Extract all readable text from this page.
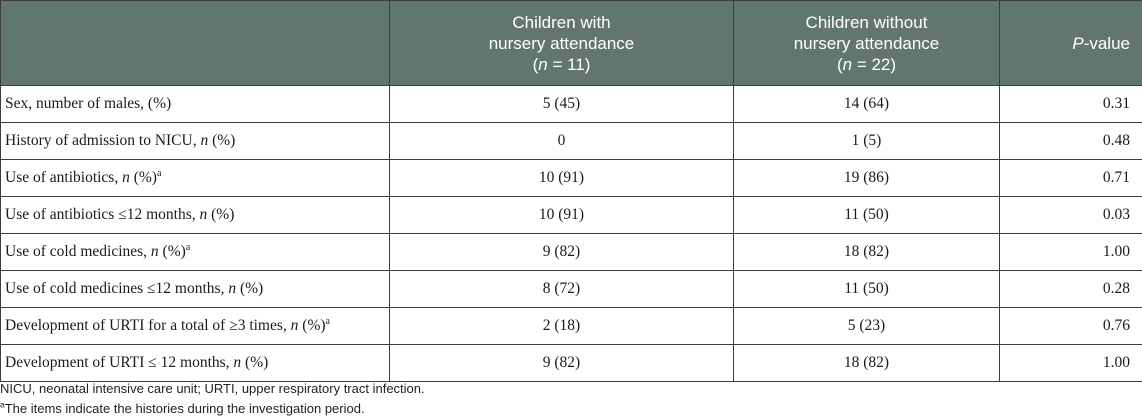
	Children with
nursery attendance
(n = 11)	Children without
nursery attendance
(n = 22)	P-value
Sex, number of males, (%)	5 (45)	14 (64)	0.31
History of admission to NICU, n (%)	0	1 (5)	0.48
Use of antibiotics, n (%)$^a$	10 (91)	19 (86)	0.71
Use of antibiotics ≤12 months, n (%)	10 (91)	11 (50)	0.03
Use of cold medicines, n (%)$^a$	9 (82)	18 (82)	1.00
Use of cold medicines ≤12 months, n (%)	8 (72)	11 (50)	0.28
Development of URTI for a total of ≥3 times, n (%)$^a$	2 (18)	5 (23)	0.76
Development of URTI ≤ 12 months, n (%)	9 (82)	18 (82)	1.00
NICU, neonatal intensive care unit; URTI, upper respiratory tract infection.
$^a$The items indicate the histories during the investigation period.
